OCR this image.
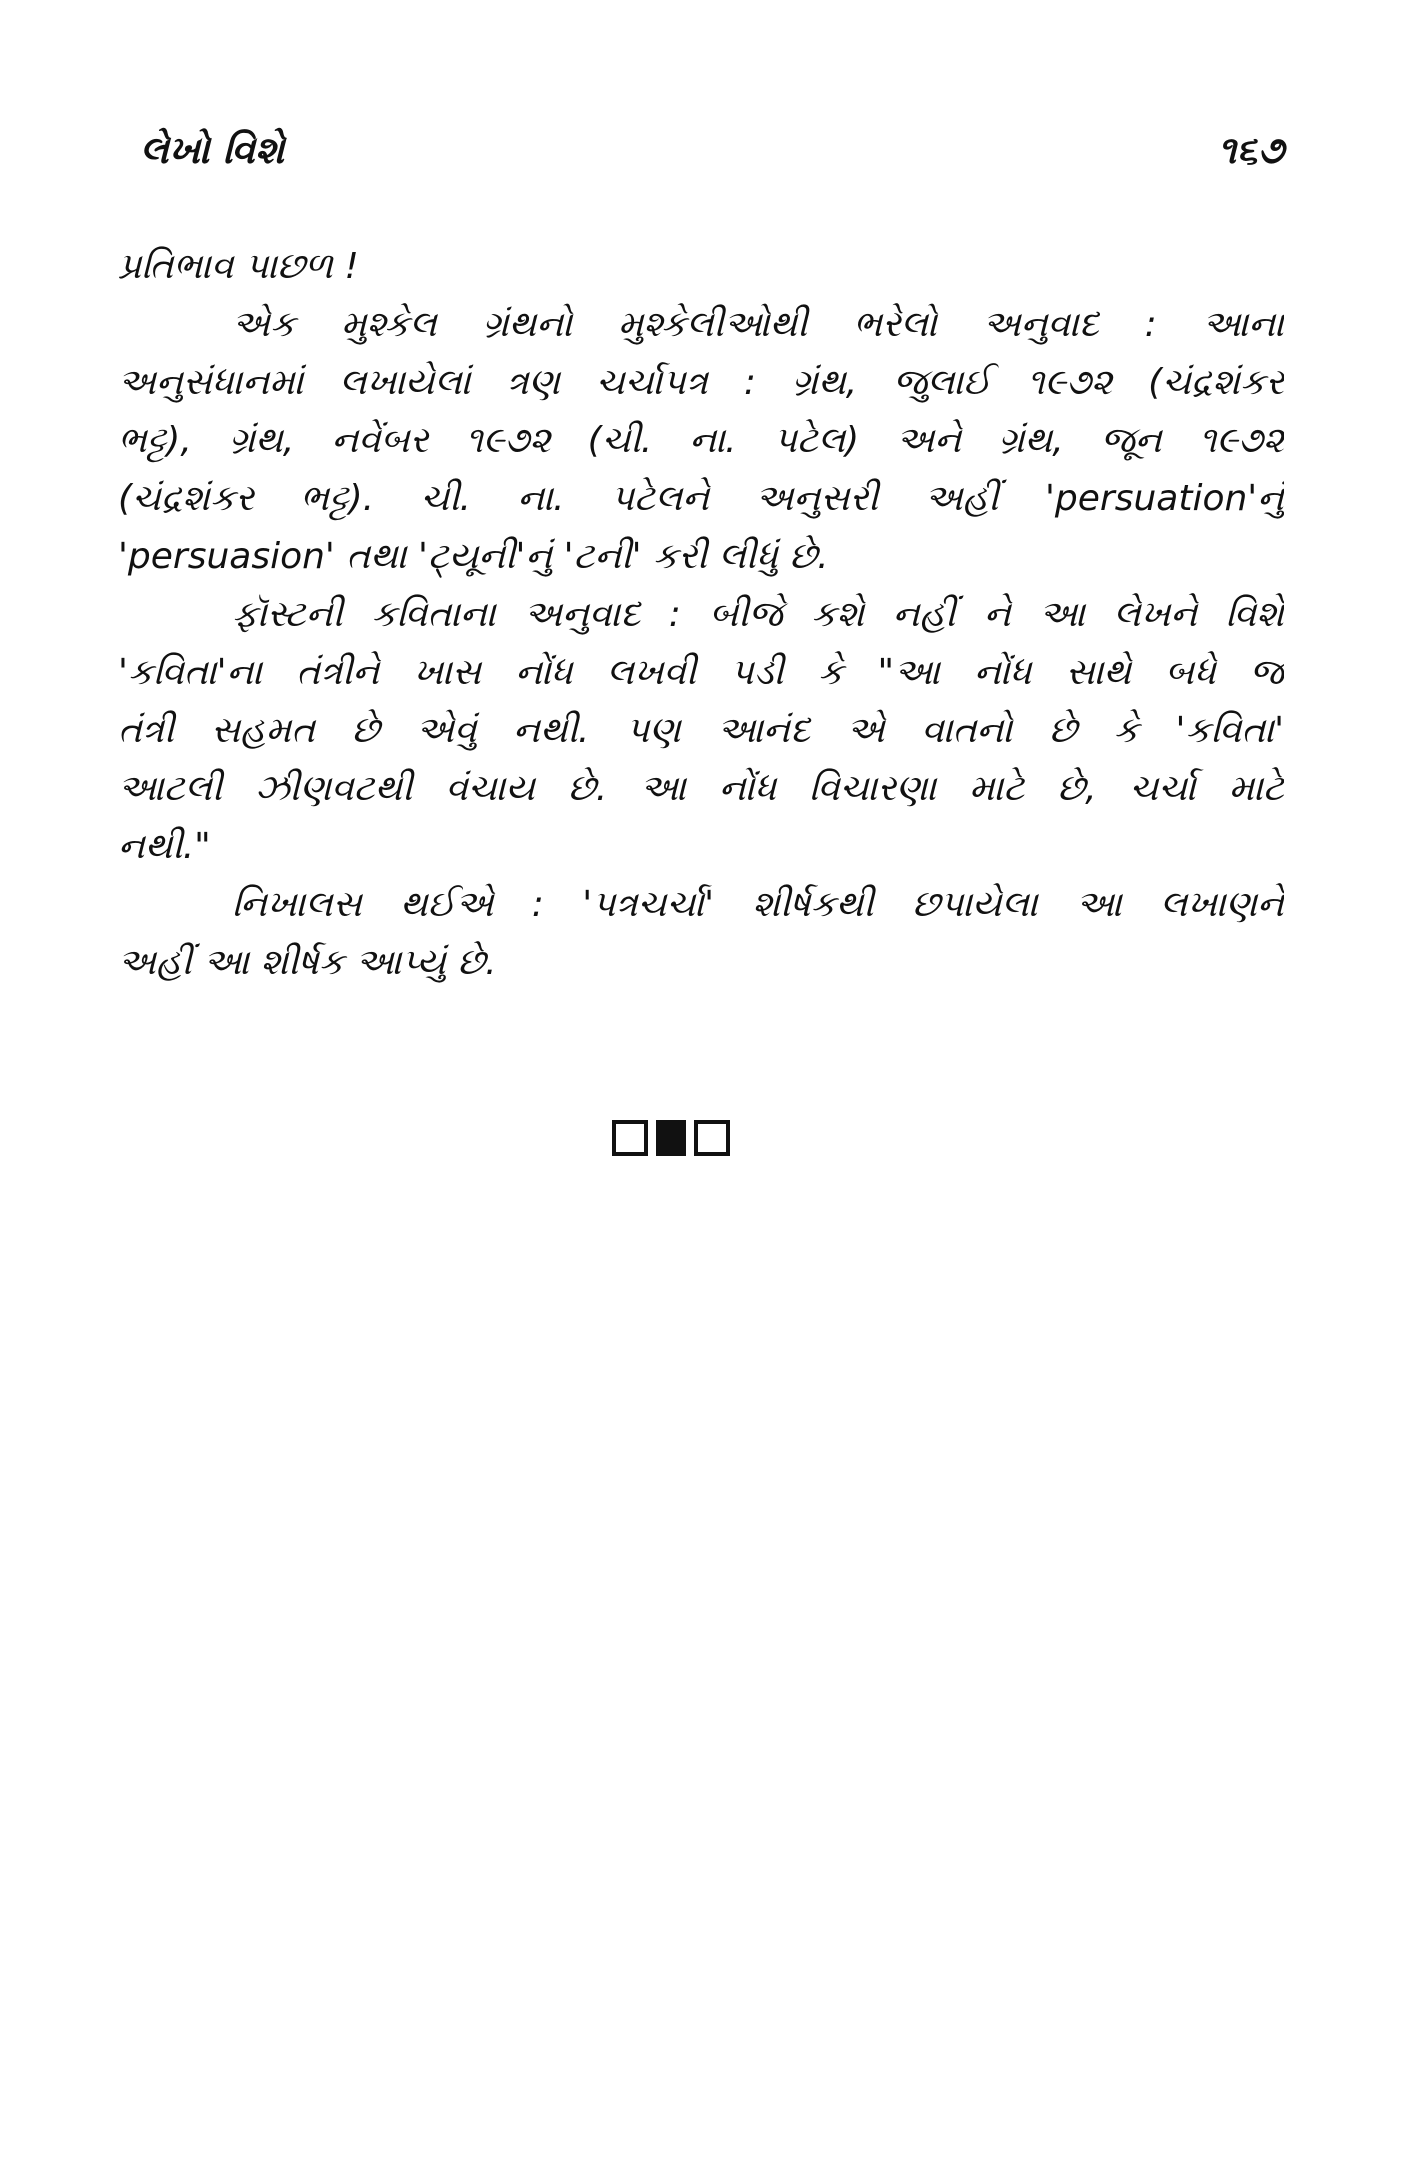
લેખો વિશે	૧૬૭
પ્રતિભાવ પાછળ !
એક મુશ્કેલ ગ્રંથનો મુશ્કેલીઓથી ભરેલો અનુવાદ : આના
અનુસંધાનમાં લખાયેલાં ત્રણ ચર્ચાપત્ર : ગ્રંથ, જુલાઈ ૧૯૭૨ (ચંદ્રશંકર
ભટ્ટ), ગ્રંથ, નવેંબર ૧૯૭૨ (ચી. ના. પટેલ) અને ગ્રંથ, જૂન ૧૯૭૨
(ચંદ્રશંકર ભટ્ટ). ચી. ના. પટેલને અનુસરી અહીં 'persuation'નું
'persuasion' તથા 'ટ્યૂની'નું 'ટની' કરી લીધું છે.
ફૉસ્ટની કવિતાના અનુવાદ : બીજે કશે નહીં ને આ લેખને વિશે
'કવિતા'ના તંત્રીને ખાસ નોંધ લખવી પડી કે "આ નોંધ સાથે બધે જ
તંત્રી સહમત છે એવું નથી. પણ આનંદ એ વાતનો છે કે 'કવિતા'
આટલી ઝીણવટથી વંચાય છે. આ નોંધ વિચારણા માટે છે, ચર્ચા માટે
નથી."
નિખાલસ થઈએ : 'પત્રચર્ચા' શીર્ષકથી છપાયેલા આ લખાણને
અહીં આ શીર્ષક આપ્યું છે.
